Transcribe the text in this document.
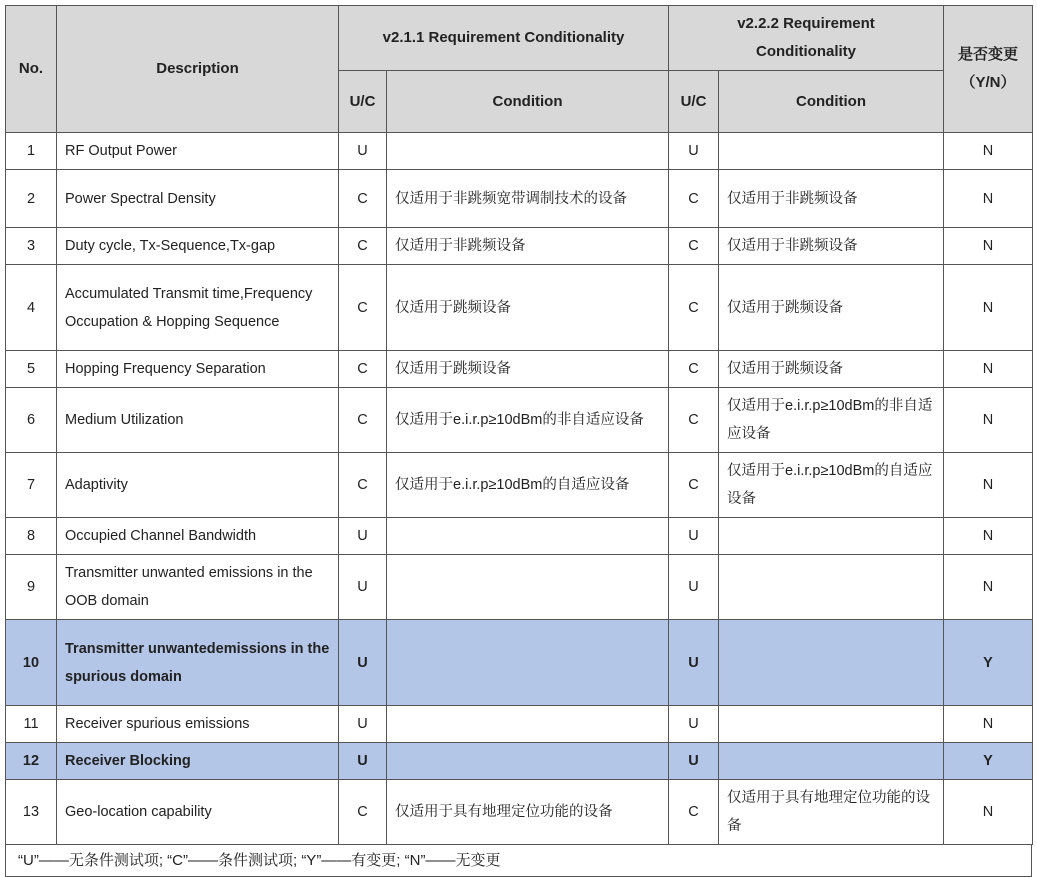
No.	Description	v2.1.1 Requirement Conditionality		v2.2.2 Requirement Conditionality		是否变更（Y/N）
		U/C	Condition	U/C	Condition	
1	RF Output Power	U		U		N
2	Power Spectral Density	C	仅适用于非跳频宽带调制技术的设备	C	仅适用于非跳频设备	N
3	Duty cycle, Tx-Sequence,Tx-gap	C	仅适用于非跳频设备	C	仅适用于非跳频设备	N
4	Accumulated Transmit time,Frequency Occupation & Hopping Sequence	C	仅适用于跳频设备	C	仅适用于跳频设备	N
5	Hopping Frequency Separation	C	仅适用于跳频设备	C	仅适用于跳频设备	N
6	Medium Utilization	C	仅适用于e.i.r.p≥10dBm的非自适应设备	C	仅适用于e.i.r.p≥10dBm的非自适应设备	N
7	Adaptivity	C	仅适用于e.i.r.p≥10dBm的自适应设备	C	仅适用于e.i.r.p≥10dBm的自适应设备	N
8	Occupied Channel Bandwidth	U		U		N
9	Transmitter unwanted emissions in the OOB domain	U		U		N
10	Transmitter unwantedemissions in the spurious domain	U		U		Y
11	Receiver spurious emissions	U		U		N
12	Receiver Blocking	U		U		Y
13	Geo-location capability	C	仅适用于具有地理定位功能的设备	C	仅适用于具有地理定位功能的设备	N
“U”——无条件测试项; “C”——条件测试项; “Y”——有变更; “N”——无变更
